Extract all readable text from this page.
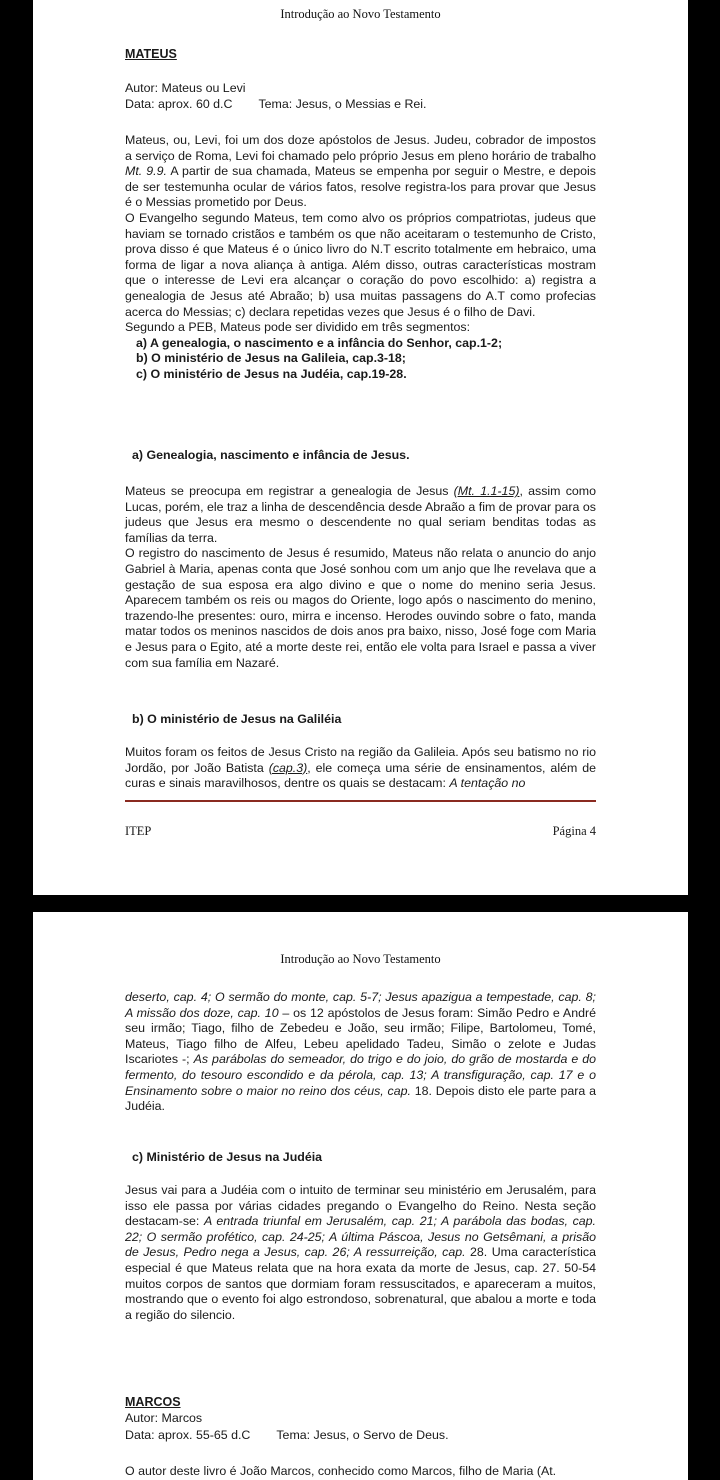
Introdução ao Novo Testamento
MATEUS
Autor: Mateus ou Levi
Data: aprox. 60 d.C Tema: Jesus, o Messias e Rei.

Mateus, ou, Levi, foi um dos doze apóstolos de Jesus. Judeu, cobrador de impostos a serviço de Roma, Levi foi chamado pelo próprio Jesus em pleno horário de trabalho Mt. 9.9. A partir de sua chamada, Mateus se empenha por seguir o Mestre, e depois de ser testemunha ocular de vários fatos, resolve registra-los para provar que Jesus é o Messias prometido por Deus.

O Evangelho segundo Mateus, tem como alvo os próprios compatriotas, judeus que haviam se tornado cristãos e também os que não aceitaram o testemunho de Cristo, prova disso é que Mateus é o único livro do N.T escrito totalmente em hebraico, uma forma de ligar a nova aliança à antiga. Além disso, outras características mostram que o interesse de Levi era alcançar o coração do povo escolhido: a) registra a genealogia de Jesus até Abraão; b) usa muitas passagens do A.T como profecias acerca do Messias; c) declara repetidas vezes que Jesus é o filho de Davi.

Segundo a PEB, Mateus pode ser dividido em três segmentos:

a) A genealogia, o nascimento e a infância do Senhor, cap.1-2;
b) O ministério de Jesus na Galileia, cap.3-18;
c) O ministério de Jesus na Judéia, cap.19-28.
a) Genealogia, nascimento e infância de Jesus.

Mateus se preocupa em registrar a genealogia de Jesus (Mt. 1.1-15), assim como Lucas, porém, ele traz a linha de descendência desde Abraão a fim de provar para os judeus que Jesus era mesmo o descendente no qual seriam benditas todas as famílias da terra.

O registro do nascimento de Jesus é resumido, Mateus não relata o anuncio do anjo Gabriel à Maria, apenas conta que José sonhou com um anjo que lhe revelava que a gestação de sua esposa era algo divino e que o nome do menino seria Jesus. Aparecem também os reis ou magos do Oriente, logo após o nascimento do menino, trazendo-lhe presentes: ouro, mirra e incenso. Herodes ouvindo sobre o fato, manda matar todos os meninos nascidos de dois anos pra baixo, nisso, José foge com Maria e Jesus para o Egito, até a morte deste rei, então ele volta para Israel e passa a viver com sua família em Nazaré.

b) O ministério de Jesus na Galiléia

Muitos foram os feitos de Jesus Cristo na região da Galileia. Após seu batismo no rio Jordão, por João Batista (cap.3), ele começa uma série de ensinamentos, além de curas e sinais maravilhosos, dentre os quais se destacam: A tentação no

ITEP	Página 4
Introdução ao Novo Testamento

deserto, cap. 4; O sermão do monte, cap. 5-7; Jesus apazigua a tempestade, cap. 8; A missão dos doze, cap. 10 – os 12 apóstolos de Jesus foram: Simão Pedro e André seu irmão; Tiago, filho de Zebedeu e João, seu irmão; Filipe, Bartolomeu, Tomé, Mateus, Tiago filho de Alfeu, Lebeu apelidado Tadeu, Simão o zelote e Judas Iscariotes -; As parábolas do semeador, do trigo e do joio, do grão de mostarda e do fermento, do tesouro escondido e da pérola, cap. 13; A transfiguração, cap. 17 e o Ensinamento sobre o maior no reino dos céus, cap. 18. Depois disto ele parte para a Judéia.

c) Ministério de Jesus na Judéia

Jesus vai para a Judéia com o intuito de terminar seu ministério em Jerusalém, para isso ele passa por várias cidades pregando o Evangelho do Reino. Nesta seção destacam-se: A entrada triunfal em Jerusalém, cap. 21; A parábola das bodas, cap. 22; O sermão profético, cap. 24-25; A última Páscoa, Jesus no Getsêmani, a prisão de Jesus, Pedro nega a Jesus, cap. 26; A ressurreição, cap. 28. Uma característica especial é que Mateus relata que na hora exata da morte de Jesus, cap. 27. 50-54 muitos corpos de santos que dormiam foram ressuscitados, e apareceram a muitos, mostrando que o evento foi algo estrondoso, sobrenatural, que abalou a morte e toda a região do silencio.

MARCOS
Autor: Marcos
Data: aprox. 55-65 d.C Tema: Jesus, o Servo de Deus.
O autor deste livro é João Marcos, conhecido como Marcos, filho de Maria (At.
